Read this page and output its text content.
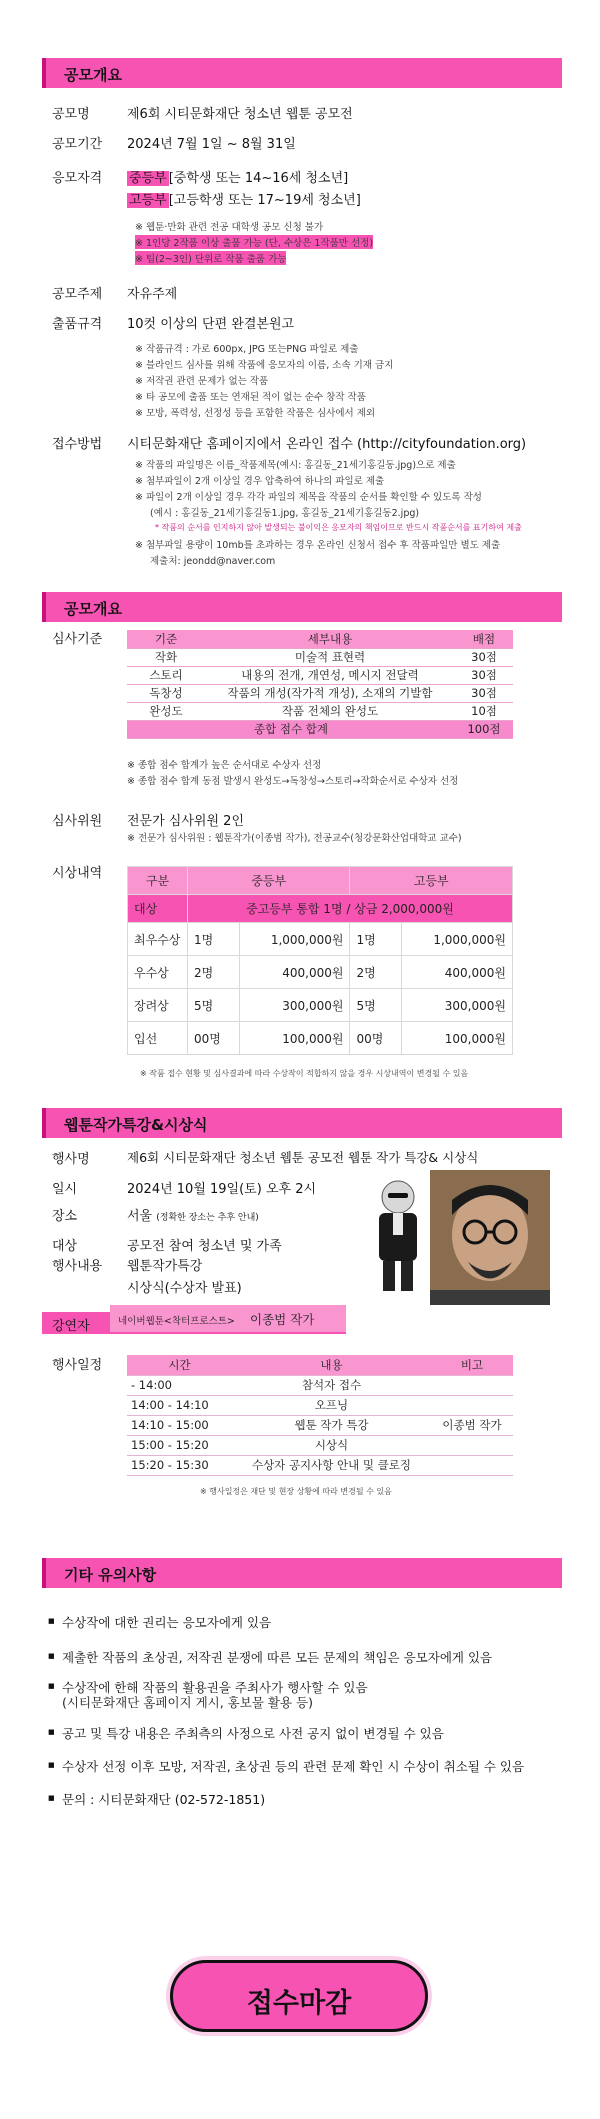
공모개요
공모명	제6회 시티문화재단 청소년 웹툰 공모전
공모기간 2024년 7월 1일 ~ 8월 31일
응모자격 중등부 [중학생 또는 14~16세 청소년]
고등부 [고등학생 또는 17~19세 청소년]
※ 웹툰·만화 관련 전공 대학생 공모 신청 불가
※ 1인당 2작품 이상 출품 가능 (단, 수상은 1작품만 선정)
※ 팀(2~3인) 단위로 작품 출품 가능
공모주제 자유주제
출품규격 10컷 이상의 단편 완결본원고
※ 작품규격 : 가로 600px, JPG 또는PNG 파일로 제출
※ 블라인드 심사를 위해 작품에 응모자의 이름, 소속 기재 금지
※ 저작권 관련 문제가 없는 작품
※ 타 공모에 출품 또는 연재된 적이 없는 순수 창작 작품
※ 모방, 폭력성, 선정성 등을 포함한 작품은 심사에서 제외
접수방법 시티문화재단 홈페이지에서 온라인 접수 (http://cityfoundation.org)
※ 작품의 파일명은 이름_작품제목(예시: 홍길동_21세기홍길동.jpg)으로 제출
※ 첨부파일이 2개 이상일 경우 압축하여 하나의 파일로 제출
※ 파일이 2개 이상일 경우 각각 파일의 제목을 작품의 순서를 확인할 수 있도록 작성
(예시 : 홍길동_21세기홍길동1.jpg, 홍길동_21세기홍길동2.jpg)
* 작품의 순서를 인지하지 않아 발생되는 불이익은 응모자의 책임이므로 반드시 작품순서를 표기하여 제출
※ 첨부파일 용량이 10mb를 초과하는 경우 온라인 신청서 접수 후 작품파일만 별도 제출
제출처: jeondd@naver.com
공모개요
심사기준	기준	세부내용	배점
작화	미술적 표현력	30점
스토리	내용의 전개, 개연성, 메시지 전달력	30점
독창성	작품의 개성(작가적 개성), 소재의 기발함	30점
완성도	작품 전체의 완성도	10점
종합 점수 합계		100점
※ 종합 점수 합계가 높은 순서대로 수상자 선정
※ 종합 점수 합계 동점 발생시 완성도→독창성→스토리→작화순서로 수상자 선정
심사위원 전문가 심사위원 2인
※ 전문가 심사위원 : 웹툰작가(이종범 작가), 전공교수(청강문화산업대학교 교수)
시상내역	구분	중등부		고등부	
대상	중고등부 통합 1명 / 상금 2,000,000원			
최우수상	1명	1,000,000원	1명	1,000,000원
우수상	2명	400,000원	2명	400,000원
장려상	5명	300,000원	5명	300,000원
입선	00명	100,000원	00명	100,000원
※ 작품 접수 현황 및 심사결과에 따라 수상작이 적합하지 않을 경우 시상내역이 변경될 수 있음
웹툰작가특강&시상식
행사명	제6회 시티문화재단 청소년 웹툰 공모전 웹툰 작가 특강& 시상식
일시	2024년 10월 19일(토) 오후 2시
장소	서울 (정확한 장소는 추후 안내)
대상	공모전 참여 청소년 및 가족
행사내용 웹툰작가특강
시상식(수상자 발표)
강연자	네이버웹툰<착터프로스트> 이종범 작가
행사일정	시간	내용	비고
- 14:00	참석자 접수	
14:00 - 14:10	오프닝	
14:10 - 15:00	웹툰 작가 특강	이종범 작가
15:00 - 15:20	시상식	
15:20 - 15:30	수상자 공지사항 안내 및 클로징	
※ 행사일정은 재단 및 현장 상황에 따라 변경될 수 있음
기타 유의사항
■ 수상작에 대한 권리는 응모자에게 있음
■ 제출한 작품의 초상권, 저작권 분쟁에 따른 모든 문제의 책임은 응모자에게 있음
■ 수상작에 한해 작품의 활용권을 주최사가 행사할 수 있음
(시티문화재단 홈페이지 게시, 홍보물 활용 등)
■ 공고 및 특강 내용은 주최측의 사정으로 사전 공지 없이 변경될 수 있음
■ 수상자 선정 이후 모방, 저작권, 초상권 등의 관련 문제 확인 시 수상이 취소될 수 있음
■ 문의 : 시티문화재단 (02-572-1851)
접수마감
